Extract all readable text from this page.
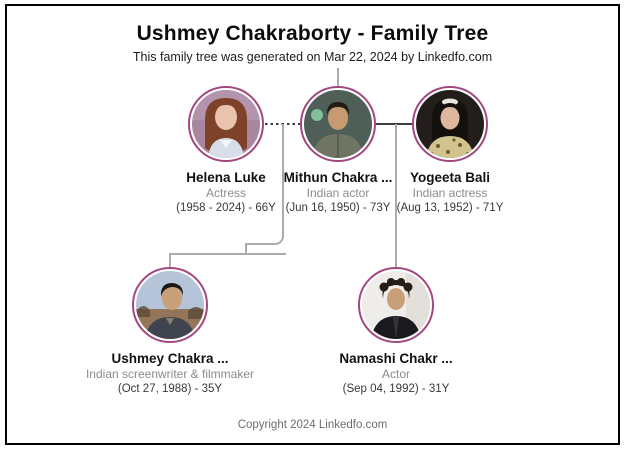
Ushmey Chakraborty - Family Tree
This family tree was generated on Mar 22, 2024 by Linkedfo.com
Helena Luke
Actress
(1958 - 2024) - 66Y
Mithun Chakra ...
Indian actor
(Jun 16, 1950) - 73Y
Yogeeta Bali
Indian actress
(Aug 13, 1952) - 71Y
Ushmey Chakra ...
Indian screenwriter & filmmaker
(Oct 27, 1988) - 35Y
Namashi Chakr ...
Actor
(Sep 04, 1992) - 31Y
Copyright 2024 Linkedfo.com
